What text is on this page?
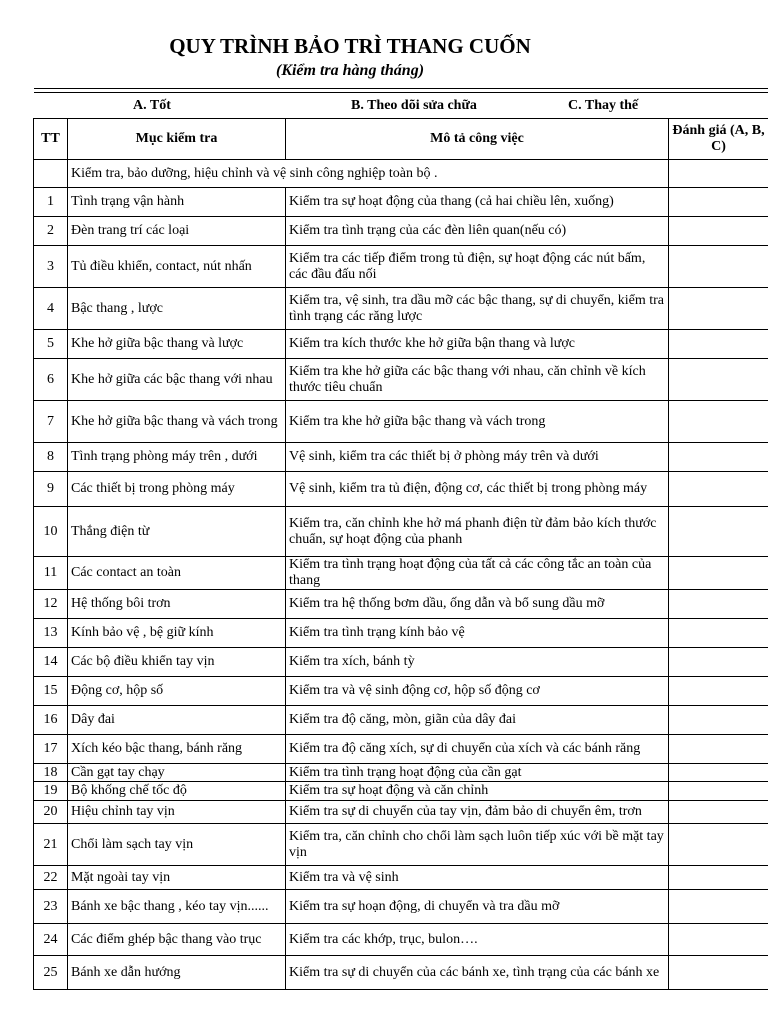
QUY TRÌNH BẢO TRÌ THANG CUỐN
(Kiểm tra hàng tháng)
A. Tốt	B. Theo dõi sửa chữa	C. Thay thế
TT	Mục kiểm tra	Mô tả công việc	Đánh giá (A, B, C)
	Kiểm tra, bảo dưỡng, hiệu chỉnh và vệ sinh công nghiệp toàn bộ .		
1	Tình trạng vận hành	Kiểm tra sự hoạt động của thang (cả hai chiều lên, xuống)	
2	Đèn trang trí các loại	Kiểm tra tình trạng của các đèn liên quan(nếu có)	
3	Tủ điều khiển, contact, nút nhấn	Kiểm tra các tiếp điểm trong tủ điện, sự hoạt động các nút bấm, các đầu đấu nối	
4	Bậc thang , lược	Kiểm tra, vệ sinh, tra dầu mỡ các bậc thang, sự di chuyển, kiểm tra tình trạng các răng lược	
5	Khe hở giữa bậc thang và lược	Kiểm tra kích thước khe hở giữa bận thang và lược	
6	Khe hở giữa các bậc thang với nhau	Kiểm tra khe hở giữa các bậc thang với nhau, căn chỉnh về kích thước tiêu chuẩn	
7	Khe hở giữa bậc thang và vách trong	Kiểm tra khe hở giữa bậc thang và vách trong	
8	Tình trạng phòng máy trên , dưới	Vệ sinh, kiểm tra các thiết bị ở phòng máy trên và dưới	
9	Các thiết bị trong phòng máy	Vệ sinh, kiểm tra tủ điện, động cơ, các thiết bị trong phòng máy	
10	Thắng điện từ	Kiểm tra, căn chỉnh khe hở má phanh điện từ đảm bảo kích thước chuẩn, sự hoạt động của phanh	
11	Các contact an toàn	Kiểm tra tình trạng hoạt động của tất cả các công tắc an toàn của thang	
12	Hệ thống bôi trơn	Kiểm tra hệ thống bơm dầu, ống dẫn và bổ sung dầu mỡ	
13	Kính bảo vệ , bệ giữ kính	Kiểm tra tình trạng kính bảo vệ	
14	Các bộ điều khiển tay vịn	Kiểm tra xích, bánh tỳ	
15	Động cơ, hộp số	Kiểm tra và vệ sinh động cơ, hộp số động cơ	
16	Dây đai	Kiểm tra độ căng, mòn, giãn của dây đai	
17	Xích kéo bậc thang, bánh răng	Kiểm tra độ căng xích, sự di chuyển của xích và các bánh răng	
18	Cần gạt tay chạy	Kiểm tra tình trạng hoạt động của cần gạt	
19	Bộ khống chế tốc độ	Kiểm tra sự hoạt động và căn chỉnh	
20	Hiệu chỉnh tay vịn	Kiểm tra sự di chuyển của tay vịn, đảm bảo di chuyển êm, trơn	
21	Chổi làm sạch tay vịn	Kiểm tra, căn chỉnh cho chổi làm sạch luôn tiếp xúc với bề mặt tay vịn	
22	Mặt ngoài tay vịn	Kiểm tra và vệ sinh	
23	Bánh xe bậc thang , kéo tay vịn......	Kiểm tra sự hoạn động, di chuyển và tra dầu mỡ	
24	Các điểm ghép bậc thang vào trục	Kiểm tra các khớp, trục, bulon….	
25	Bánh xe dẫn hướng	Kiểm tra sự di chuyển của các bánh xe, tình trạng của các bánh xe	
